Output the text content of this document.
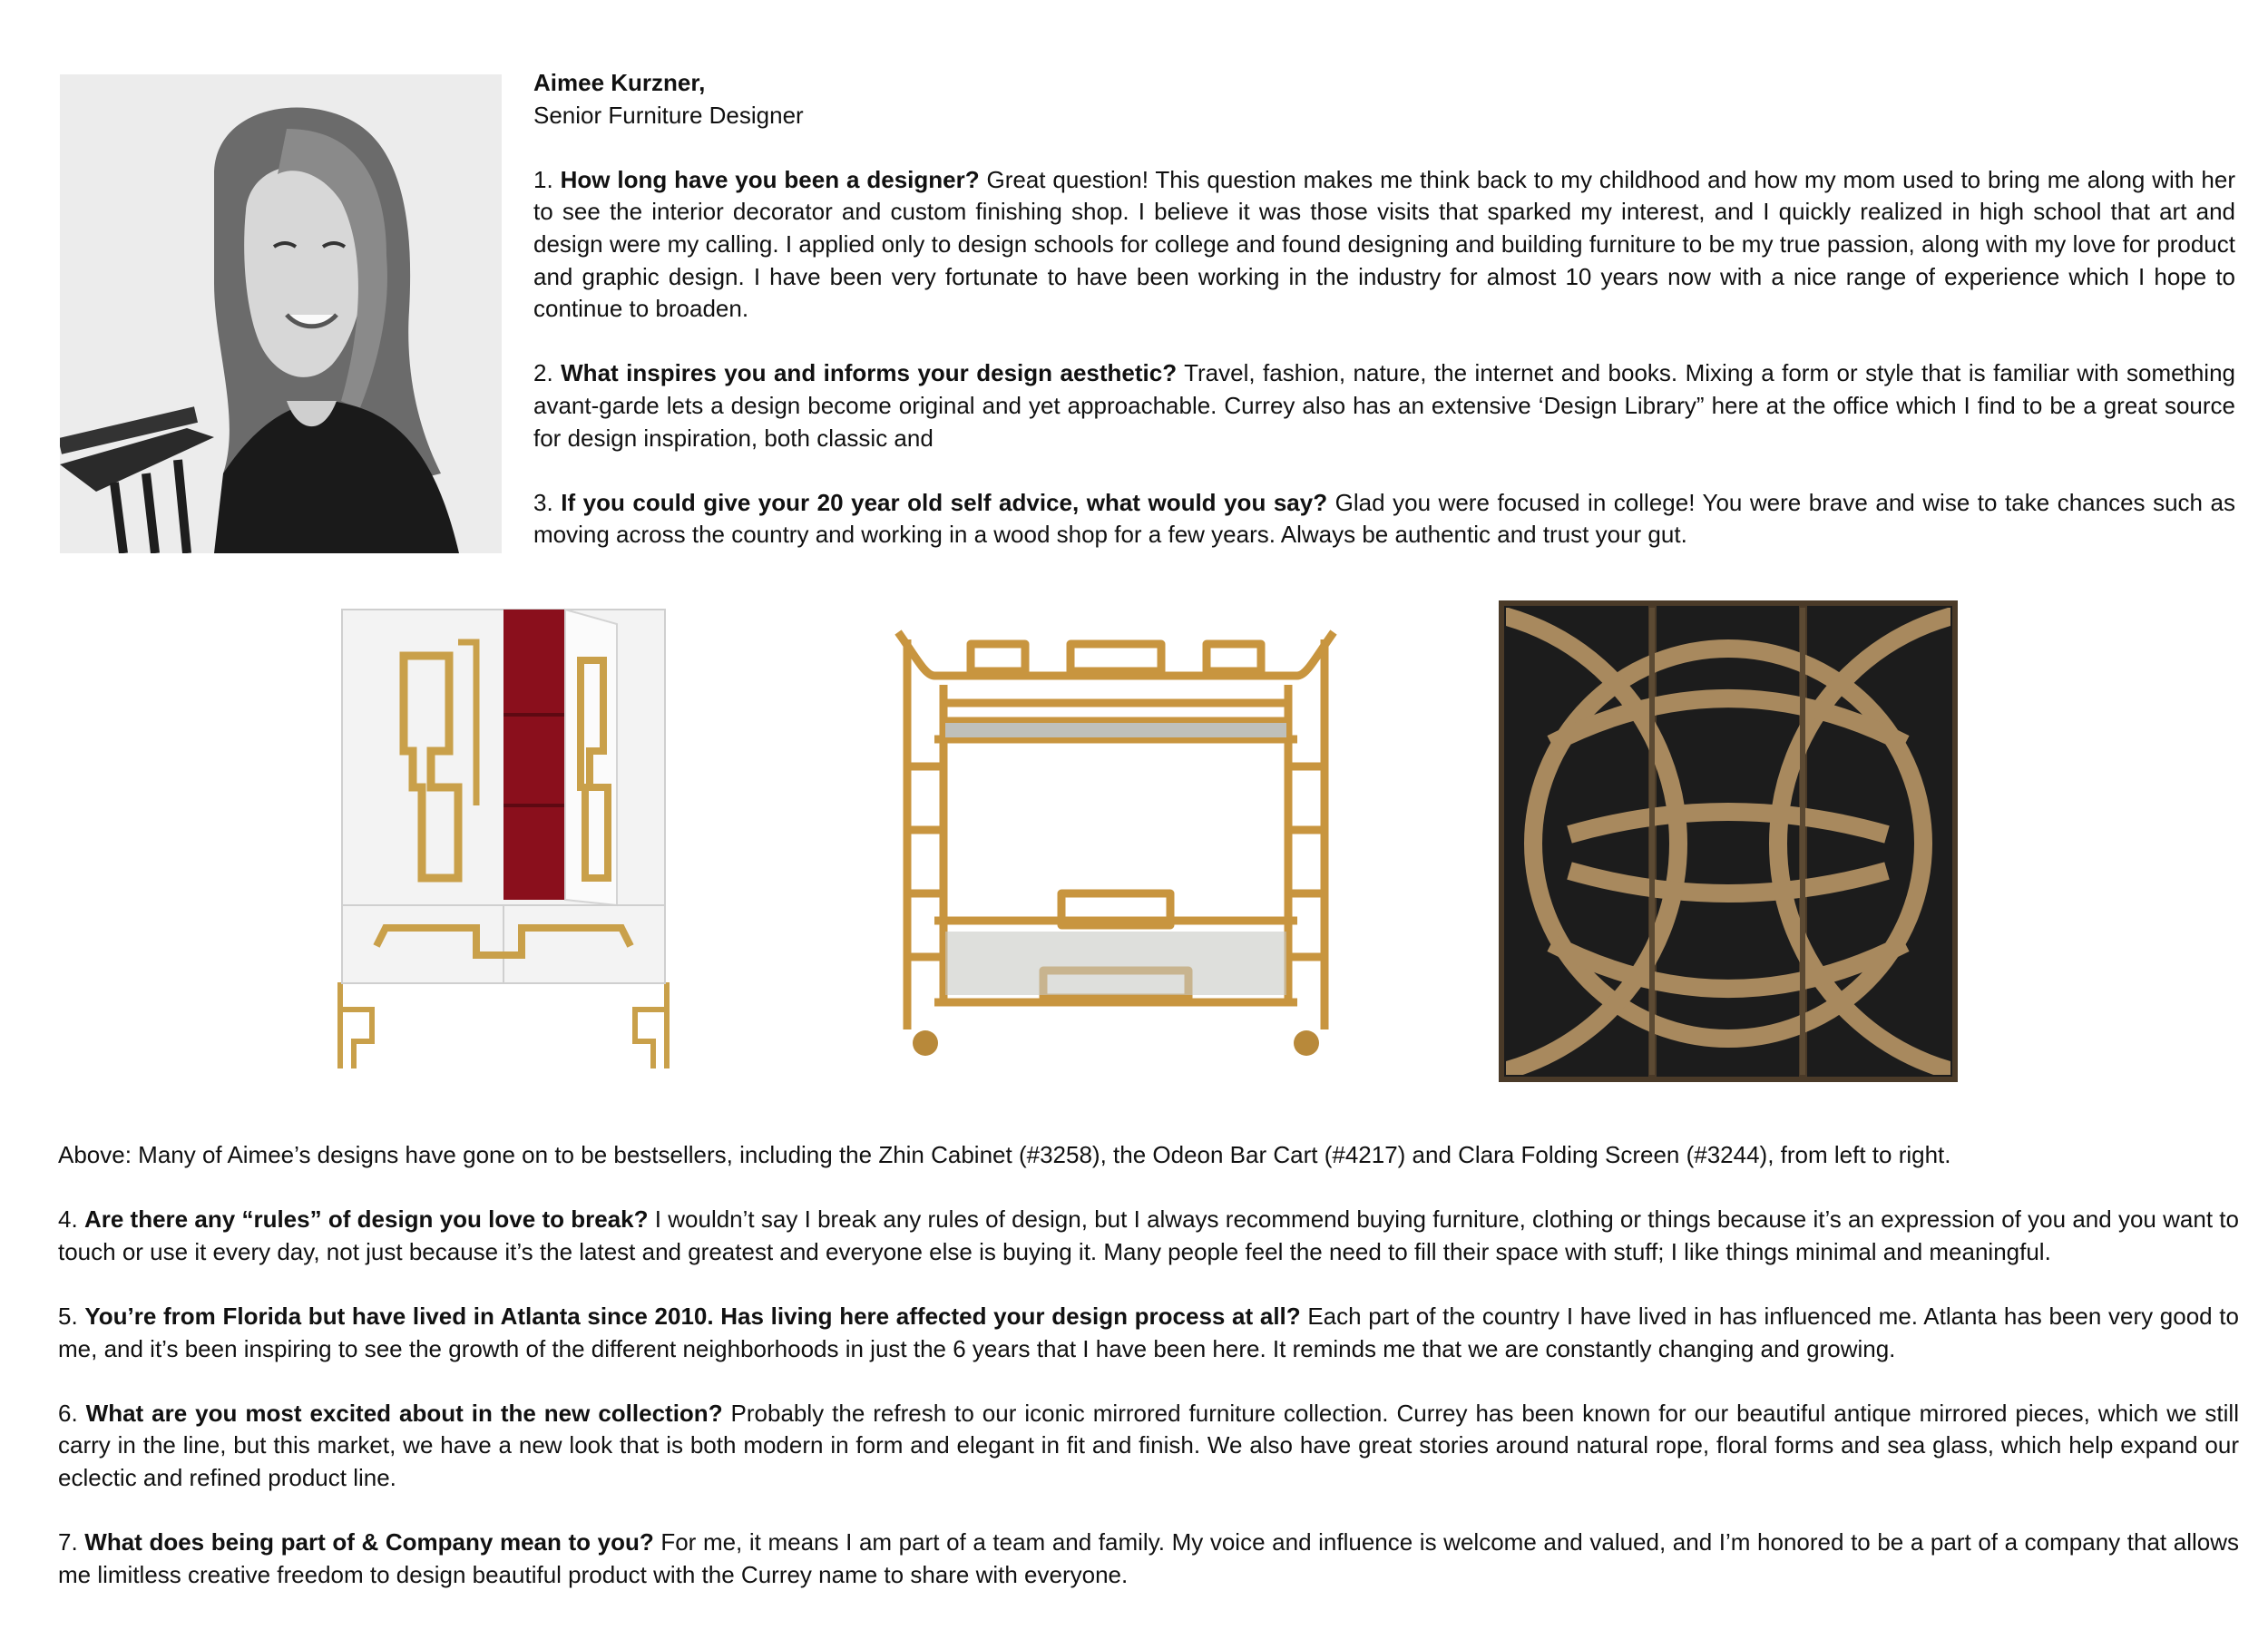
Aimee Kurzner,
Senior Furniture Designer

1. How long have you been a designer? Great question! This question makes me think back to my childhood and how my mom used to bring me along with her to see the interior decorator and custom finishing shop. I believe it was those visits that sparked my interest, and I quickly realized in high school that art and design were my calling. I applied only to design schools for college and found designing and building furniture to be my true passion, along with my love for product and graphic design. I have been very fortunate to have been working in the industry for almost 10 years now with a nice range of experience which I hope to continue to broaden.

2. What inspires you and informs your design aesthetic? Travel, fashion, nature, the internet and books. Mixing a form or style that is familiar with something avant-garde lets a design become original and yet approachable. Currey also has an extensive ‘Design Library” here at the office which I find to be a great source for design inspiration, both classic and

3. If you could give your 20 year old self advice, what would you say? Glad you were focused in college! You were brave and wise to take chances such as moving across the country and working in a wood shop for a few years. Always be authentic and trust your gut.

Above: Many of Aimee’s designs have gone on to be bestsellers, including the Zhin Cabinet (#3258), the Odeon Bar Cart (#4217) and Clara Folding Screen (#3244), from left to right.

4. Are there any “rules” of design you love to break? I wouldn’t say I break any rules of design, but I always recommend buying furniture, clothing or things because it’s an expression of you and you want to touch or use it every day, not just because it’s the latest and greatest and everyone else is buying it. Many people feel the need to fill their space with stuff; I like things minimal and meaningful.

5. You’re from Florida but have lived in Atlanta since 2010. Has living here affected your design process at all? Each part of the country I have lived in has influenced me. Atlanta has been very good to me, and it’s been inspiring to see the growth of the different neighborhoods in just the 6 years that I have been here. It reminds me that we are constantly changing and growing.

6. What are you most excited about in the new collection? Probably the refresh to our iconic mirrored furniture collection. Currey has been known for our beautiful antique mirrored pieces, which we still carry in the line, but this market, we have a new look that is both modern in form and elegant in fit and finish. We also have great stories around natural rope, floral forms and sea glass, which help expand our eclectic and refined product line.

7. What does being part of & Company mean to you? For me, it means I am part of a team and family. My voice and influence is welcome and valued, and I’m honored to be a part of a company that allows me limitless creative freedom to design beautiful product with the Currey name to share with everyone.
